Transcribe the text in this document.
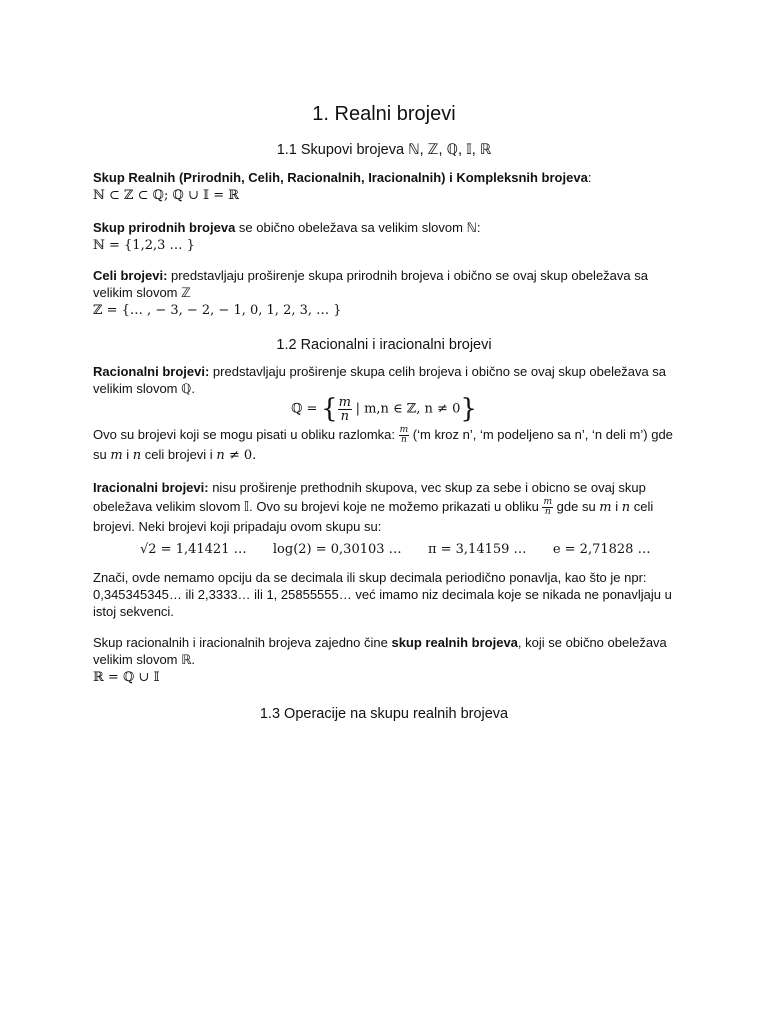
1. Realni brojevi
1.1 Skupovi brojeva ℕ, ℤ, ℚ, 𝕀, ℝ
Skup Realnih (Prirodnih, Celih, Racionalnih, Iracionalnih) i Kompleksnih brojeva:
ℕ ⊂ ℤ ⊂ ℚ; ℚ ∪ 𝕀 = ℝ
Skup prirodnih brojeva se obično obeležava sa velikim slovom ℕ:
ℕ = {1,2,3 … }
Celi brojevi: predstavljaju proširenje skupa prirodnih brojeva i obično se ovaj skup obeležava sa velikim slovom ℤ
ℤ = {… , − 3, − 2, − 1, 0, 1, 2, 3, … }
1.2 Racionalni i iracionalni brojevi
Racionalni brojevi: predstavljaju proširenje skupa celih brojeva i obično se ovaj skup obeležava sa velikim slovom ℚ.
ℚ = { $\frac{m}{n}$ | m,n ∈ ℤ, n ≠ 0}
Ovo su brojevi koji se mogu pisati u obliku razlomka: $\frac{m}{n}$ (‘m kroz n’, ‘m podeljeno sa n’, ‘n deli m’) gde
su m i n celi brojevi i n ≠ 0.
Iracionalni brojevi: nisu proširenje prethodnih skupova, vec skup za sebe i obicno se ovaj skup obeležava velikim slovom 𝕀. Ovo su brojevi koje ne možemo prikazati u obliku $\frac{m}{n}$ gde su m i n celi brojevi. Neki brojevi koji pripadaju ovom skupu su:
√2 = 1,41421 … log(2) = 0,30103 … π = 3,14159 … e = 2,71828 …
Znači, ovde nemamo opciju da se decimala ili skup decimala periodično ponavlja, kao što je npr: 0,345345345… ili 2,3333… ili 1, 25855555… već imamo niz decimala koje se nikada ne ponavljaju u istoj sekvenci.
Skup racionalnih i iracionalnih brojeva zajedno čine skup realnih brojeva, koji se obično obeležava velikim slovom ℝ.
ℝ = ℚ ∪ 𝕀
1.3 Operacije na skupu realnih brojeva
